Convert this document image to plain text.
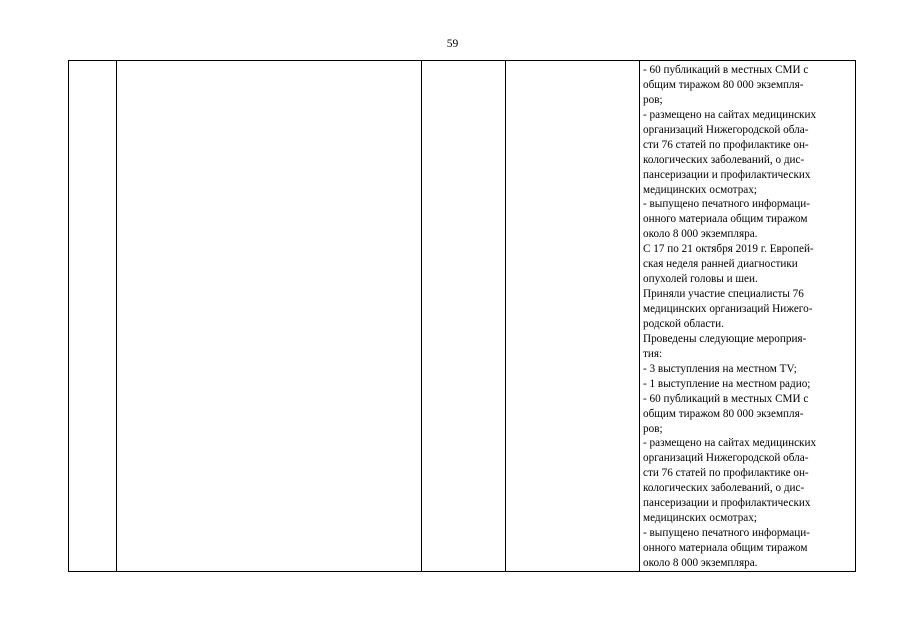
59

- 60 публикаций в местных СМИ с
общим тиражом 80 000 экземпля-
ров;
- размещено на сайтах медицинских
организаций Нижегородской обла-
сти 76 статей по профилактике он-
кологических заболеваний, о дис-
пансеризации и профилактических
медицинских осмотрах;
- выпущено печатного информаци-
онного материала общим тиражом
около 8 000 экземпляра.
С 17 по 21 октября 2019 г. Европей-
ская неделя ранней диагностики
опухолей головы и шеи.
Приняли участие специалисты 76
медицинских организаций Нижего-
родской области.
Проведены следующие мероприя-
тия:
- 3 выступления на местном TV;
- 1 выступление на местном радио;
- 60 публикаций в местных СМИ с
общим тиражом 80 000 экземпля-
ров;
- размещено на сайтах медицинских
организаций Нижегородской обла-
сти 76 статей по профилактике он-
кологических заболеваний, о дис-
пансеризации и профилактических
медицинских осмотрах;
- выпущено печатного информаци-
онного материала общим тиражом
около 8 000 экземпляра.
